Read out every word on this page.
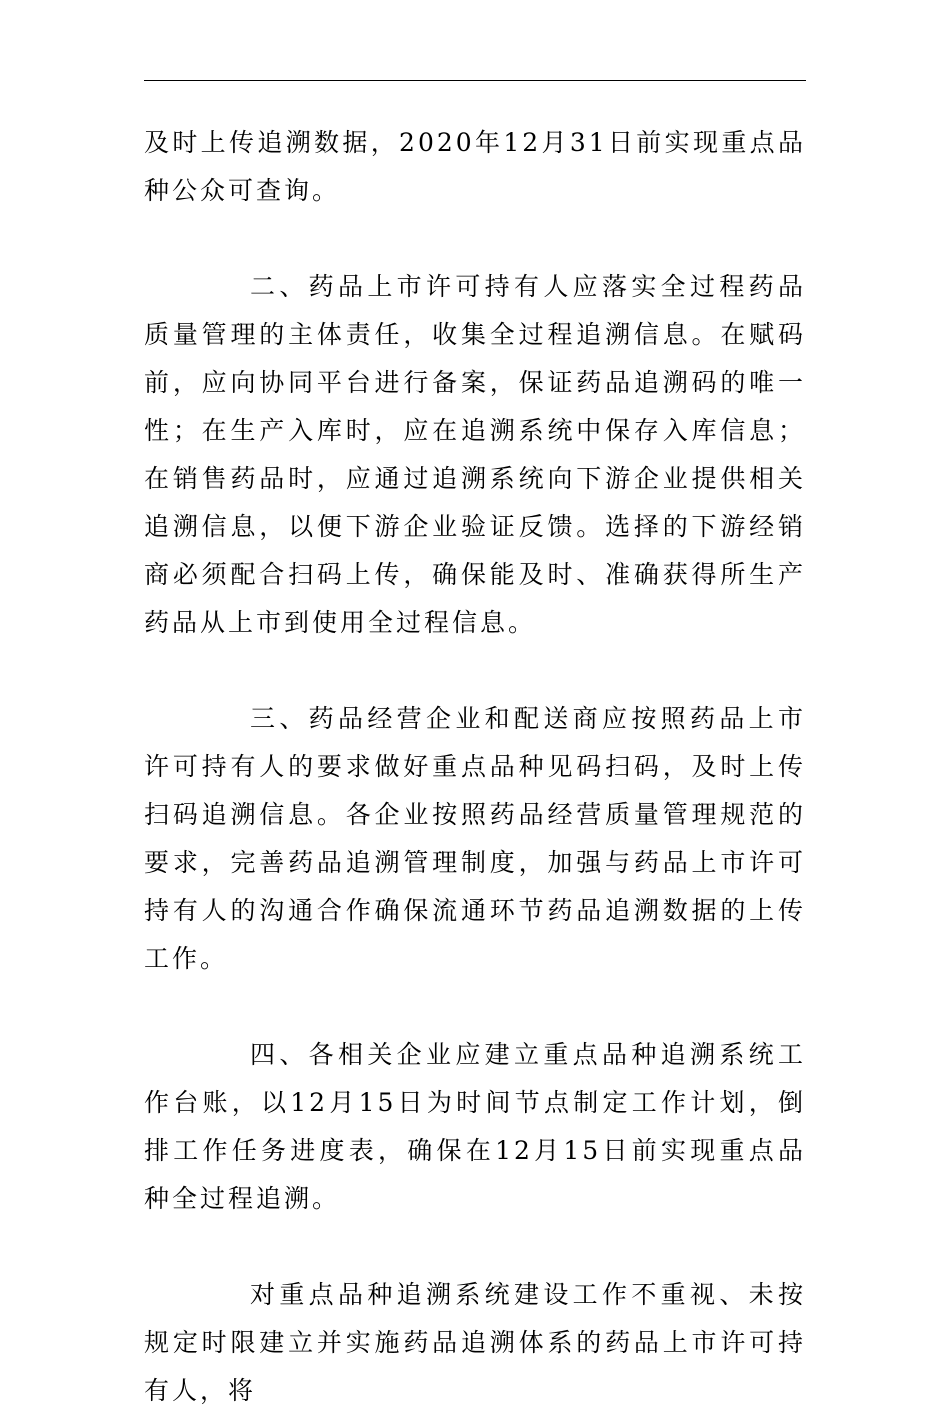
及时上传追溯数据，2020年12月31日前实现重点品种公众可查询。

二、药品上市许可持有人应落实全过程药品质量管理的主体责任，收集全过程追溯信息。在赋码前，应向协同平台进行备案，保证药品追溯码的唯一性；在生产入库时，应在追溯系统中保存入库信息；在销售药品时，应通过追溯系统向下游企业提供相关追溯信息，以便下游企业验证反馈。选择的下游经销商必须配合扫码上传，确保能及时、准确获得所生产药品从上市到使用全过程信息。

三、药品经营企业和配送商应按照药品上市许可持有人的要求做好重点品种见码扫码，及时上传扫码追溯信息。各企业按照药品经营质量管理规范的要求，完善药品追溯管理制度，加强与药品上市许可持有人的沟通合作确保流通环节药品追溯数据的上传工作。

四、各相关企业应建立重点品种追溯系统工作台账，以12月15日为时间节点制定工作计划，倒排工作任务进度表，确保在12月15日前实现重点品种全过程追溯。

对重点品种追溯系统建设工作不重视、未按规定时限建立并实施药品追溯体系的药品上市许可持有人，将
